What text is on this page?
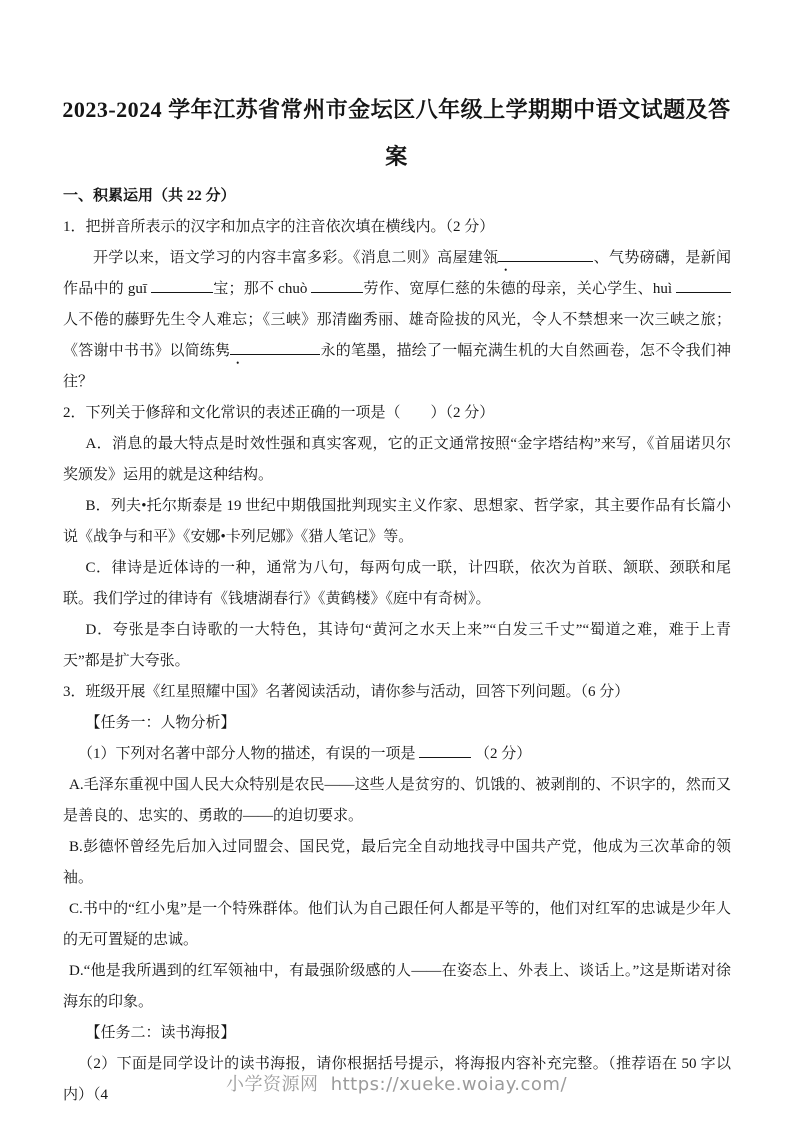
2023-2024 学年江苏省常州市金坛区八年级上学期期中语文试题及答
案

一、积累运用（共 22 分）

1．把拼音所表示的汉字和加点字的注音依次填在横线内。（2 分）

开学以来，语文学习的内容丰富多彩。《消息二则》高屋建瓴	、气势磅礴，是新闻作品中的 guī	宝；那不 chuò	劳作、宽厚仁慈的朱德的母亲，关心学生、huì 人不倦的藤野先生令人难忘；《三峡》那清幽秀丽、雄奇险拔的风光，令人不禁想来一次三峡之旅；《答谢中书书》以简练隽	永的笔墨，描绘了一幅充满生机的大自然画卷，怎不令我们神往？

2．下列关于修辞和文化常识的表述正确的一项是（　　）（2 分）

A．消息的最大特点是时效性强和真实客观，它的正文通常按照“金字塔结构”来写，《首届诺贝尔奖颁发》运用的就是这种结构。

B．列夫•托尔斯泰是 19 世纪中期俄国批判现实主义作家、思想家、哲学家，其主要作品有长篇小说《战争与和平》《安娜•卡列尼娜》《猎人笔记》等。

C．律诗是近体诗的一种，通常为八句，每两句成一联，计四联，依次为首联、颔联、颈联和尾联。我们学过的律诗有《钱塘湖春行》《黄鹤楼》《庭中有奇树》。

D．夸张是李白诗歌的一大特色，其诗句“黄河之水天上来”“白发三千丈”“蜀道之难，难于上青天”都是扩大夸张。

3．班级开展《红星照耀中国》名著阅读活动，请你参与活动，回答下列问题。（6 分）

【任务一：人物分析】

（1）下列对名著中部分人物的描述，有误的一项是	（2 分）

A.毛泽东重视中国人民大众特别是农民——这些人是贫穷的、饥饿的、被剥削的、不识字的，然而又是善良的、忠实的、勇敢的——的迫切要求。

B.彭德怀曾经先后加入过同盟会、国民党，最后完全自动地找寻中国共产党，他成为三次革命的领袖。

C.书中的“红小鬼”是一个特殊群体。他们认为自己跟任何人都是平等的，他们对红军的忠诚是少年人的无可置疑的忠诚。

D.“他是我所遇到的红军领袖中，有最强阶级感的人——在姿态上、外表上、谈话上。”这是斯诺对徐海东的印象。

【任务二：读书海报】

（2）下面是同学设计的读书海报，请你根据括号提示，将海报内容补充完整。（推荐语在 50 字以内）（4	小学资源网 https://xueke.woiay.com/
